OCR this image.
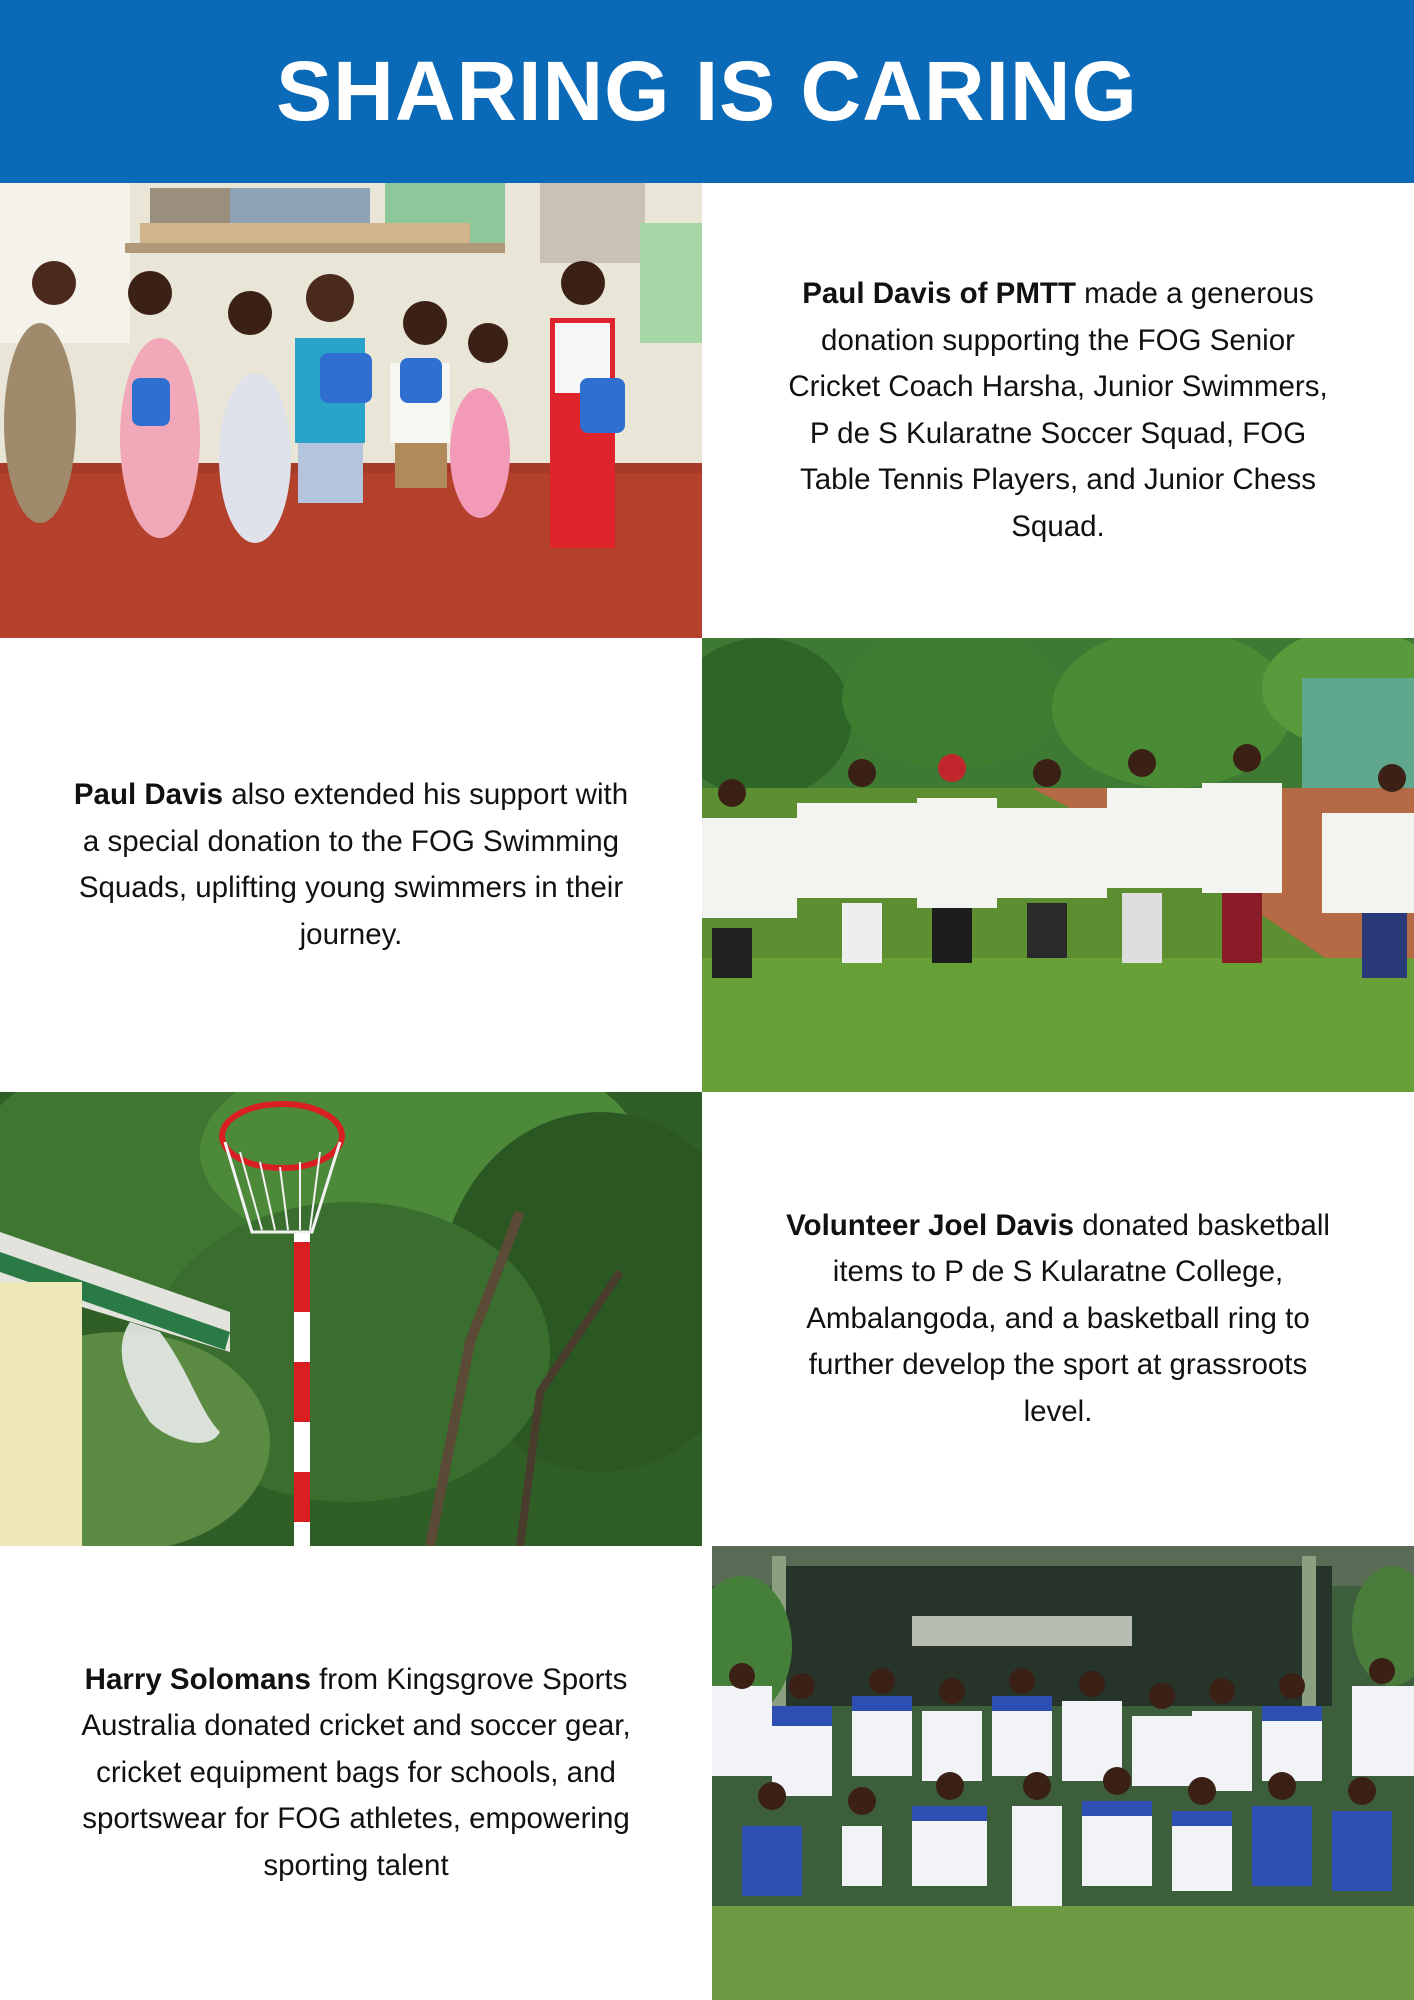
SHARING IS CARING

Paul Davis of PMTT made a generous donation supporting the FOG Senior Cricket Coach Harsha, Junior Swimmers, P de S Kularatne Soccer Squad, FOG Table Tennis Players, and Junior Chess Squad.

Paul Davis also extended his support with a special donation to the FOG Swimming Squads, uplifting young swimmers in their journey.

Volunteer Joel Davis donated basketball items to P de S Kularatne College, Ambalangoda, and a basketball ring to further develop the sport at grassroots level.

Harry Solomans from Kingsgrove Sports Australia donated cricket and soccer gear, cricket equipment bags for schools, and sportswear for FOG athletes, empowering sporting talent
